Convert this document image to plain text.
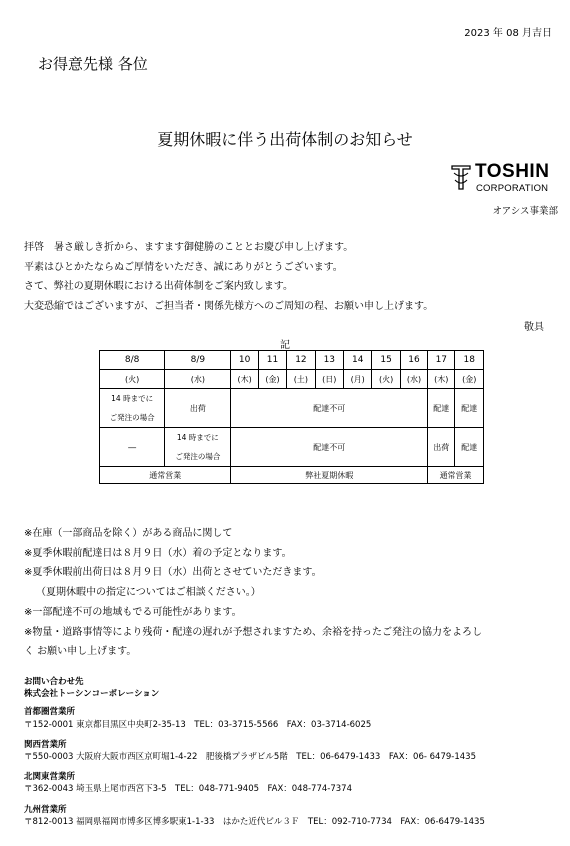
2023 年 08 月吉日
お得意先様 各位
夏期休暇に伴う出荷体制のお知らせ
TOSHIN
CORPORATION
オアシス事業部
拝啓　暑さ厳しき折から、ますます御健勝のこととお慶び申し上げます。
平素はひとかたならぬご厚情をいただき、誠にありがとうございます。
さて、弊社の夏期休暇における出荷体制をご案内致します。
大変恐縮ではございますが、ご担当者・関係先様方へのご周知の程、お願い申し上げます。
敬具
記
8/8	8/9	10	11	12	13	14	15	16	17	18
(火)	(水)	(木)	(金)	(土)	(日)	(月)	(火)	(水)	(木)	(金)

14 時までに
ご発注の場合	出荷	配達不可							配達	配達
―	14 時までに
ご発注の場合	配達不可							出荷	配達
通常営業		弊社夏期休暇							通常営業	
※在庫（一部商品を除く）がある商品に関して
※夏季休暇前配達日は８月９日（水）着の予定となります。
※夏季休暇前出荷日は８月９日（水）出荷とさせていただきます。
（夏期休暇中の指定についてはご相談ください。）
※一部配達不可の地域もでる可能性があります。
※物量・道路事情等により残荷・配達の遅れが予想されますため、余裕を持ったご発注の協力をよろし
く お願い申し上げます。
お問い合わせ先
株式会社トーシンコーポレーション
首都圏営業所
〒152-0001 東京都目黒区中央町2-35-13　TEL：03-3715-5566　FAX：03-3714-6025
関西営業所
〒550-0003 大阪府大阪市西区京町堀1-4-22　肥後橋プラザビル5階　TEL：06-6479-1433　FAX：06- 6479-1435
北関東営業所
〒362-0043 埼玉県上尾市西宮下3-5　TEL：048-771-9405　FAX：048-774-7374
九州営業所
〒812-0013 福岡県福岡市博多区博多駅東1-1-33　はかた近代ビル３Ｆ　TEL：092-710-7734　FAX：06-6479-1435
